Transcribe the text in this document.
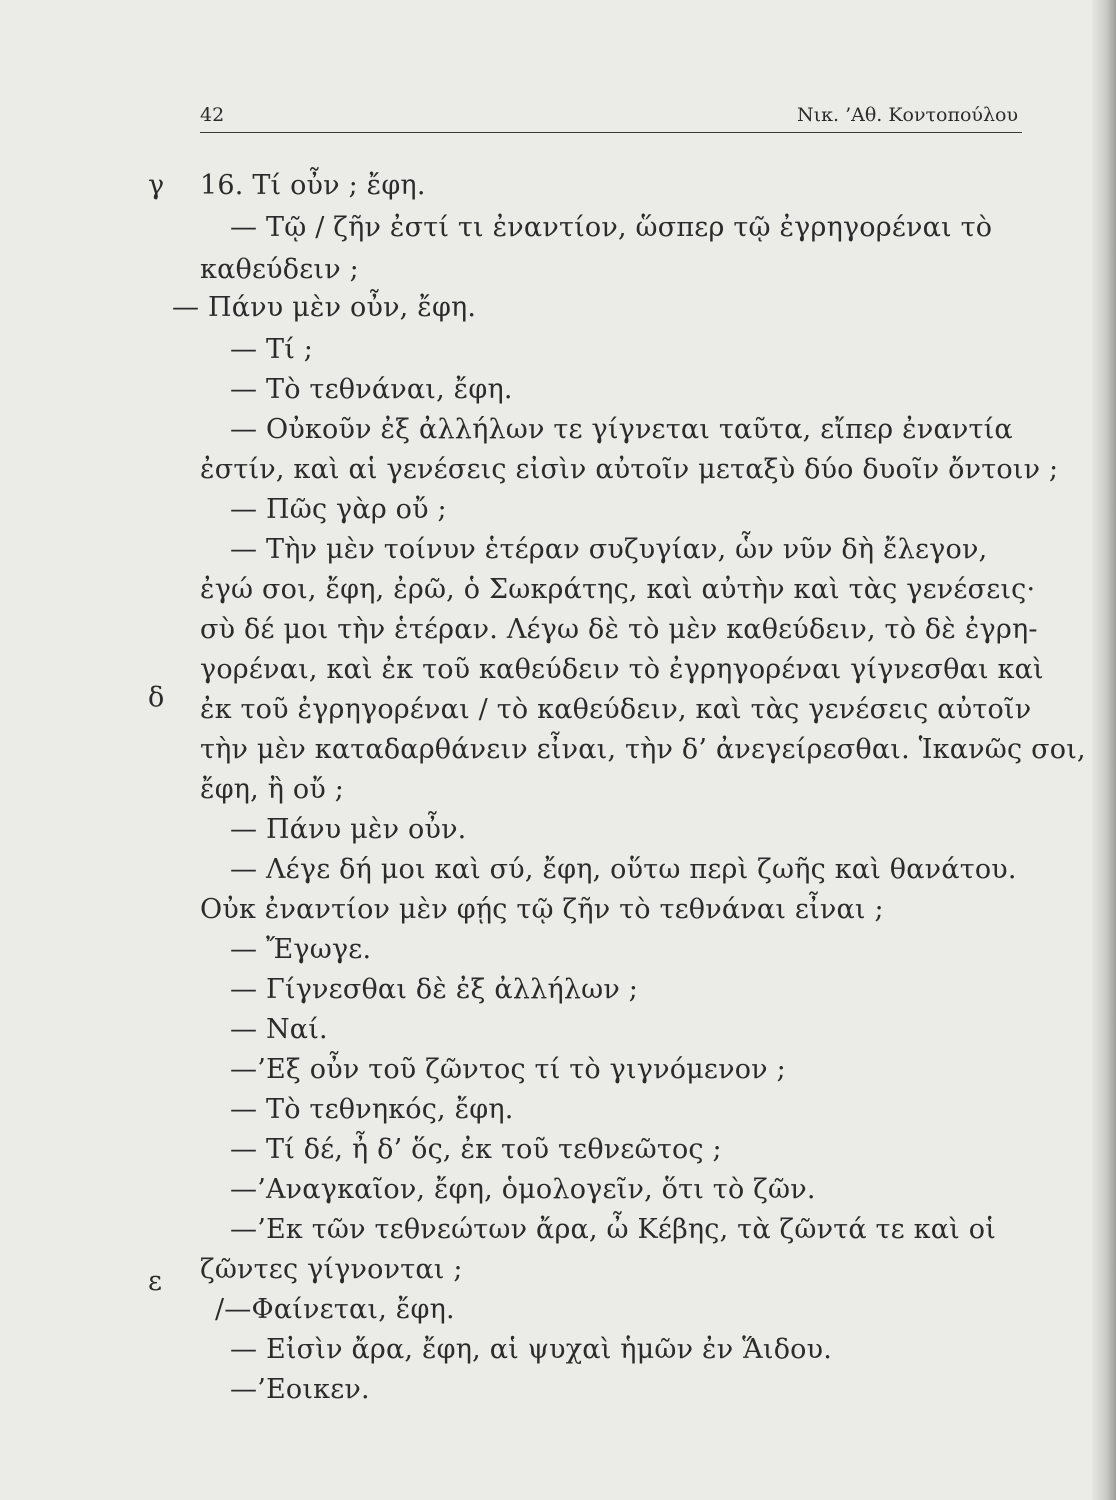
42	Νικ. ’Αθ. Κοντοπούλου
γ
δ
ε
16. Τί οὖν ; ἔφη.
— Τῷ / ζῆν ἐστί τι ἐναντίον, ὥσπερ τῷ ἐγρηγορέναι τὸ
καθεύδειν ;
— Πάνυ μὲν οὖν, ἔφη.
— Τί ;
— Τὸ τεθνάναι, ἔφη.
— Οὐκοῦν ἐξ ἀλλήλων τε γίγνεται ταῦτα, εἴπερ ἐναντία
ἐστίν, καὶ αἱ γενέσεις εἰσὶν αὐτοῖν μεταξὺ δύο δυοῖν ὄντοιν ;
— Πῶς γὰρ οὔ ;
— Τὴν μὲν τοίνυν ἑτέραν συζυγίαν, ὧν νῦν δὴ ἔλεγον,
ἐγώ σοι, ἔφη, ἐρῶ, ὁ Σωκράτης, καὶ αὐτὴν καὶ τὰς γενέσεις·
σὺ δέ μοι τὴν ἑτέραν. Λέγω δὲ τὸ μὲν καθεύδειν, τὸ δὲ ἐγρη-
γορέναι, καὶ ἐκ τοῦ καθεύδειν τὸ ἐγρηγορέναι γίγνεσθαι καὶ
ἐκ τοῦ ἐγρηγορέναι / τὸ καθεύδειν, καὶ τὰς γενέσεις αὐτοῖν
τὴν μὲν καταδαρθάνειν εἶναι, τὴν δ’ ἀνεγείρεσθαι. Ἱκανῶς σοι,
ἔφη, ἢ οὔ ;
— Πάνυ μὲν οὖν.
— Λέγε δή μοι καὶ σύ, ἔφη, οὕτω περὶ ζωῆς καὶ θανάτου.
Οὐκ ἐναντίον μὲν φῄς τῷ ζῆν τὸ τεθνάναι εἶναι ;
— Ἔγωγε.
— Γίγνεσθαι δὲ ἐξ ἀλλήλων ;
— Ναί.
—’Εξ οὖν τοῦ ζῶντος τί τὸ γιγνόμενον ;
— Τὸ τεθνηκός, ἔφη.
— Τί δέ, ἦ δ’ ὅς, ἐκ τοῦ τεθνεῶτος ;
—’Αναγκαῖον, ἔφη, ὁμολογεῖν, ὅτι τὸ ζῶν.
—’Εκ τῶν τεθνεώτων ἄρα, ὦ Κέβης, τὰ ζῶντά τε καὶ οἱ
ζῶντες γίγνονται ;
/—Φαίνεται, ἔφη.
— Εἰσὶν ἄρα, ἔφη, αἱ ψυχαὶ ἡμῶν ἐν Ἅιδου.
—’Εοικεν.
